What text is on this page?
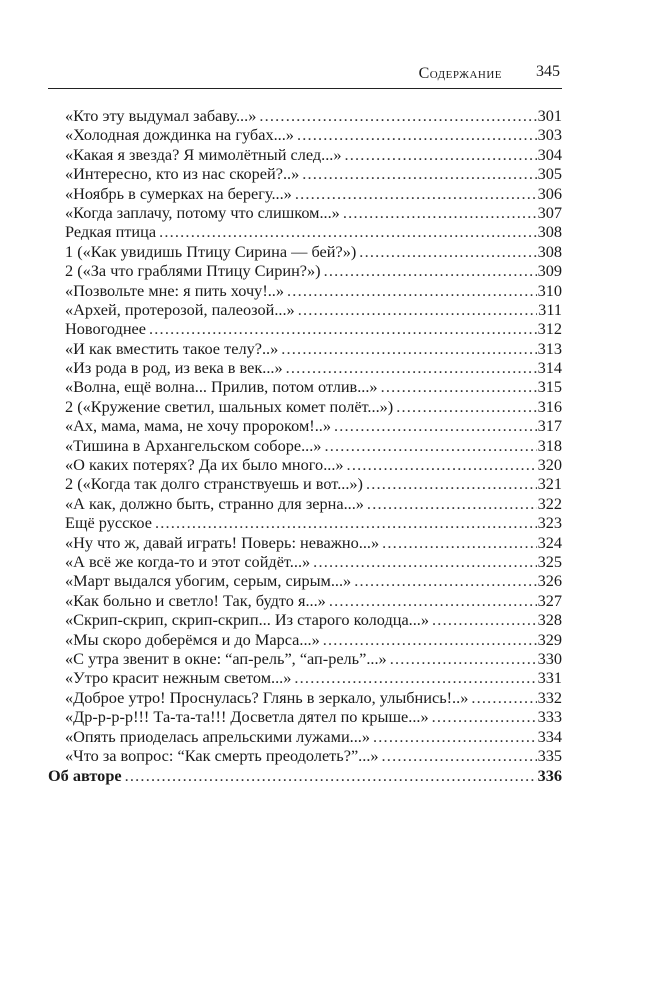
Содержание 345
«Кто эту выдумал забаву...» .....	301
«Холодная дождинка на губах...» .....	303
«Какая я звезда? Я мимолётный след...» .....	304
«Интересно, кто из нас скорей?..» .....	305
«Ноябрь в сумерках на берегу...» .....	306
«Когда заплачу, потому что слишком...» .....	307
Редкая птица .....	308
1 («Как увидишь Птицу Сирина — бей?») .....	308
2 («За что граблями Птицу Сирин?») .....	309
«Позвольте мне: я пить хочу!..» .....	310
«Архей, протерозой, палеозой...» .....	311
Новогоднее .....	312
«И как вместить такое телу?..» .....	313
«Из рода в род, из века в век...» .....	314
«Волна, ещё волна... Прилив, потом отлив...» .....	315
2 («Кружение светил, шальных комет полёт...») .....	316
«Ах, мама, мама, не хочу пророком!..» .....	317
«Тишина в Архангельском соборе...» .....	318
«О каких потерях? Да их было много...» .....	320
2 («Когда так долго странствуешь и вот...») .....	321
«А как, должно быть, странно для зерна...» .....	322
Ещё русское .....	323
«Ну что ж, давай играть! Поверь: неважно...» .....	324
«А всё же когда-то и этот сойдёт...» .....	325
«Март выдался убогим, серым, сирым...» .....	326
«Как больно и светло! Так, будто я...» .....	327
«Скрип-скрип, скрип-скрип... Из старого колодца...» .....	328
«Мы скоро доберёмся и до Марса...» .....	329
«С утра звенит в окне: “ап-рель”, “ап-рель”...» .....	330
«Утро красит нежным светом...» .....	331
«Доброе утро! Проснулась? Глянь в зеркало, улыбнись!..» .....	332
«Др-р-р-р!!! Та-та-та!!! Досветла дятел по крыше...» .....	333
«Опять приоделась апрельскими лужами...» .....	334
«Что за вопрос: “Как смерть преодолеть?”...» .....	335
Об авторе .....	336
